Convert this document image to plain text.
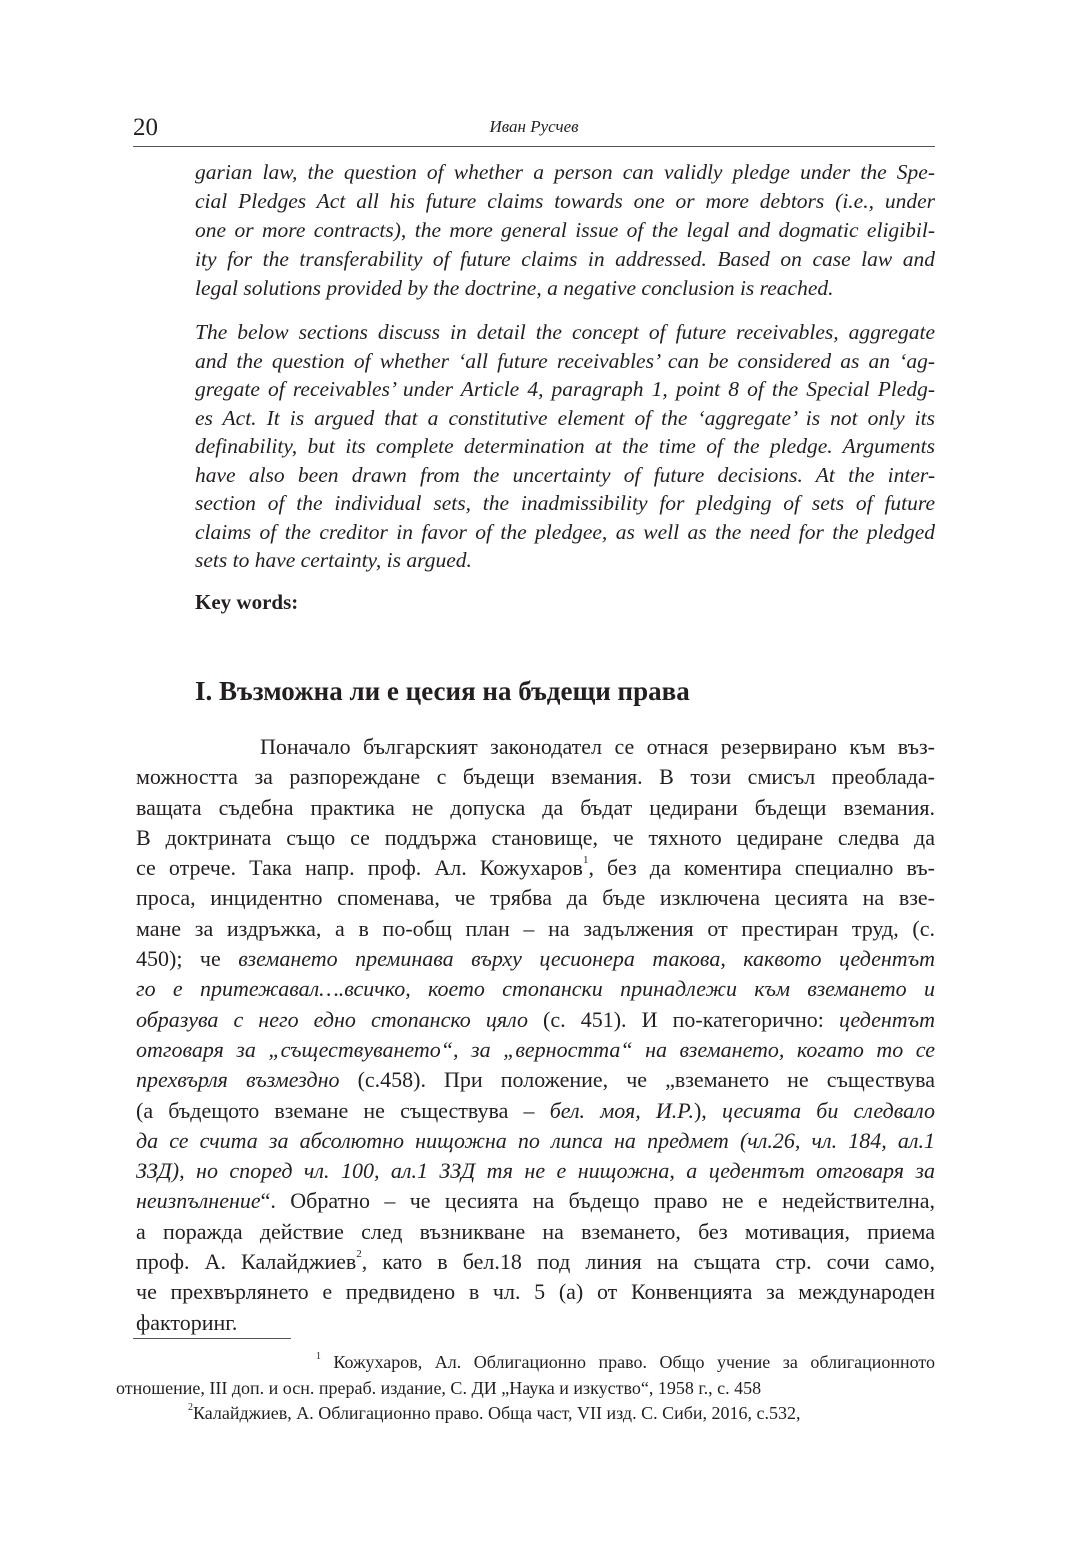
20	Иван Русчев
garian law, the question of whether a person can validly pledge under the Spe-
cial Pledges Act all his future claims towards one or more debtors (i.e., under
one or more contracts), the more general issue of the legal and dogmatic eligibil-
ity for the transferability of future claims in addressed. Based on case law and
legal solutions provided by the doctrine, a negative conclusion is reached.
The below sections discuss in detail the concept of future receivables, aggregate
and the question of whether ‘all future receivables’ can be considered as an ‘ag-
gregate of receivables’ under Article 4, paragraph 1, point 8 of the Special Pledg-
es Act. It is argued that a constitutive element of the ‘aggregate’ is not only its
definability, but its complete determination at the time of the pledge. Arguments
have also been drawn from the uncertainty of future decisions. At the inter-
section of the individual sets, the inadmissibility for pledging of sets of future
claims of the creditor in favor of the pledgee, as well as the need for the pledged
sets to have certainty, is argued.
Key words:
I. Възможна ли е цесия на бъдещи права
Поначало българският законодател се отнася резервирано към въз-
можността за разпореждане с бъдещи вземания. В този смисъл преоблада-
ващата съдебна практика не допуска да бъдат цедирани бъдещи вземания.
В доктрината също се поддържа становище, че тяхното цедиране следва да
се отрече. Така напр. проф. Ал. Кожухаров$^1$, без да коментира специално въ-
проса, инцидентно споменава, че трябва да бъде изключена цесията на взе-
мане за издръжка, а в по-общ план – на задължения от престиран труд, (с.
450); че вземането преминава върху цесионера такова, каквото цедентът
го е притежавал….всичко, което стопански принадлежи към вземането и
образува с него едно стопанско цяло (с. 451). И по-категорично: цедентът
отговаря за „съществуването“, за „верността“ на вземането, когато то се
прехвърля възмездно (с.458). При положение, че „вземането не съществува
(а бъдещото вземане не съществува – бел. моя, И.Р.), цесията би следвало
да се счита за абсолютно нищожна по липса на предмет (чл.26, чл. 184, ал.1
ЗЗД), но според чл. 100, ал.1 ЗЗД тя не е нищожна, а цедентът отговаря за
неизпълнение“. Обратно – че цесията на бъдещо право не е недействителна,
а поражда действие след възникване на вземането, без мотивация, приема
проф. А. Калайджиев$^2$, като в бел.18 под линия на същата стр. сочи само,
че прехвърлянето е предвидено в чл. 5 (а) от Конвенцията за международен
факторинг.
$^1$ Кожухаров, Ал. Облигационно право. Общо учение за облигационното
отношение, III доп. и осн. прераб. издание, С. ДИ „Наука и изкуство“, 1958 г., с. 458
$^2$Калайджиев, А. Облигационно право. Обща част, VII изд. С. Сиби, 2016, с.532,
